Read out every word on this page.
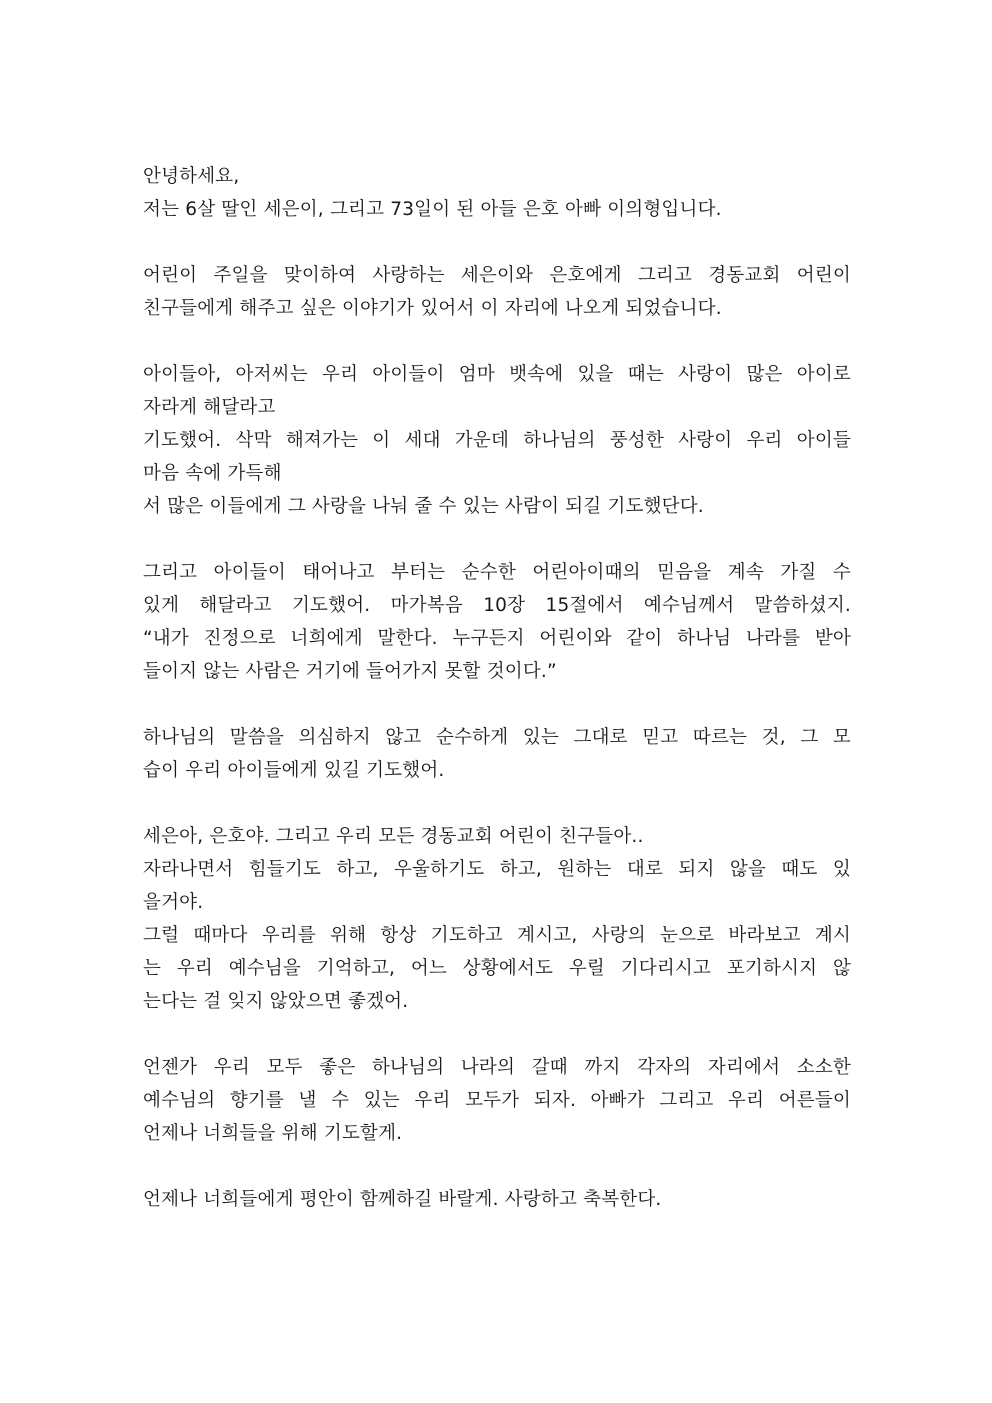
안녕하세요,
저는 6살 딸인 세은이, 그리고 73일이 된 아들 은호 아빠 이의형입니다.
어린이 주일을 맞이하여 사랑하는 세은이와 은호에게 그리고 경동교회 어린이
친구들에게 해주고 싶은 이야기가 있어서 이 자리에 나오게 되었습니다.
아이들아, 아저씨는 우리 아이들이 엄마 뱃속에 있을 때는 사랑이 많은 아이로
자라게 해달라고
기도했어. 삭막 해져가는 이 세대 가운데 하나님의 풍성한 사랑이 우리 아이들
마음 속에 가득해
서 많은 이들에게 그 사랑을 나눠 줄 수 있는 사람이 되길 기도했단다.
그리고 아이들이 태어나고 부터는 순수한 어린아이때의 믿음을 계속 가질 수
있게 해달라고 기도했어. 마가복음 10장 15절에서 예수님께서 말씀하셨지.
“내가 진정으로 너희에게 말한다. 누구든지 어린이와 같이 하나님 나라를 받아
들이지 않는 사람은 거기에 들어가지 못할 것이다.”
하나님의 말씀을 의심하지 않고 순수하게 있는 그대로 믿고 따르는 것, 그 모
습이 우리 아이들에게 있길 기도했어.
세은아, 은호야. 그리고 우리 모든 경동교회 어린이 친구들아..
자라나면서 힘들기도 하고, 우울하기도 하고, 원하는 대로 되지 않을 때도 있
을거야.
그럴 때마다 우리를 위해 항상 기도하고 계시고, 사랑의 눈으로 바라보고 계시
는 우리 예수님을 기억하고, 어느 상황에서도 우릴 기다리시고 포기하시지 않
는다는 걸 잊지 않았으면 좋겠어.
언젠가 우리 모두 좋은 하나님의 나라의 갈때 까지 각자의 자리에서 소소한
예수님의 향기를 낼 수 있는 우리 모두가 되자. 아빠가 그리고 우리 어른들이
언제나 너희들을 위해 기도할게.
언제나 너희들에게 평안이 함께하길 바랄게. 사랑하고 축복한다.
